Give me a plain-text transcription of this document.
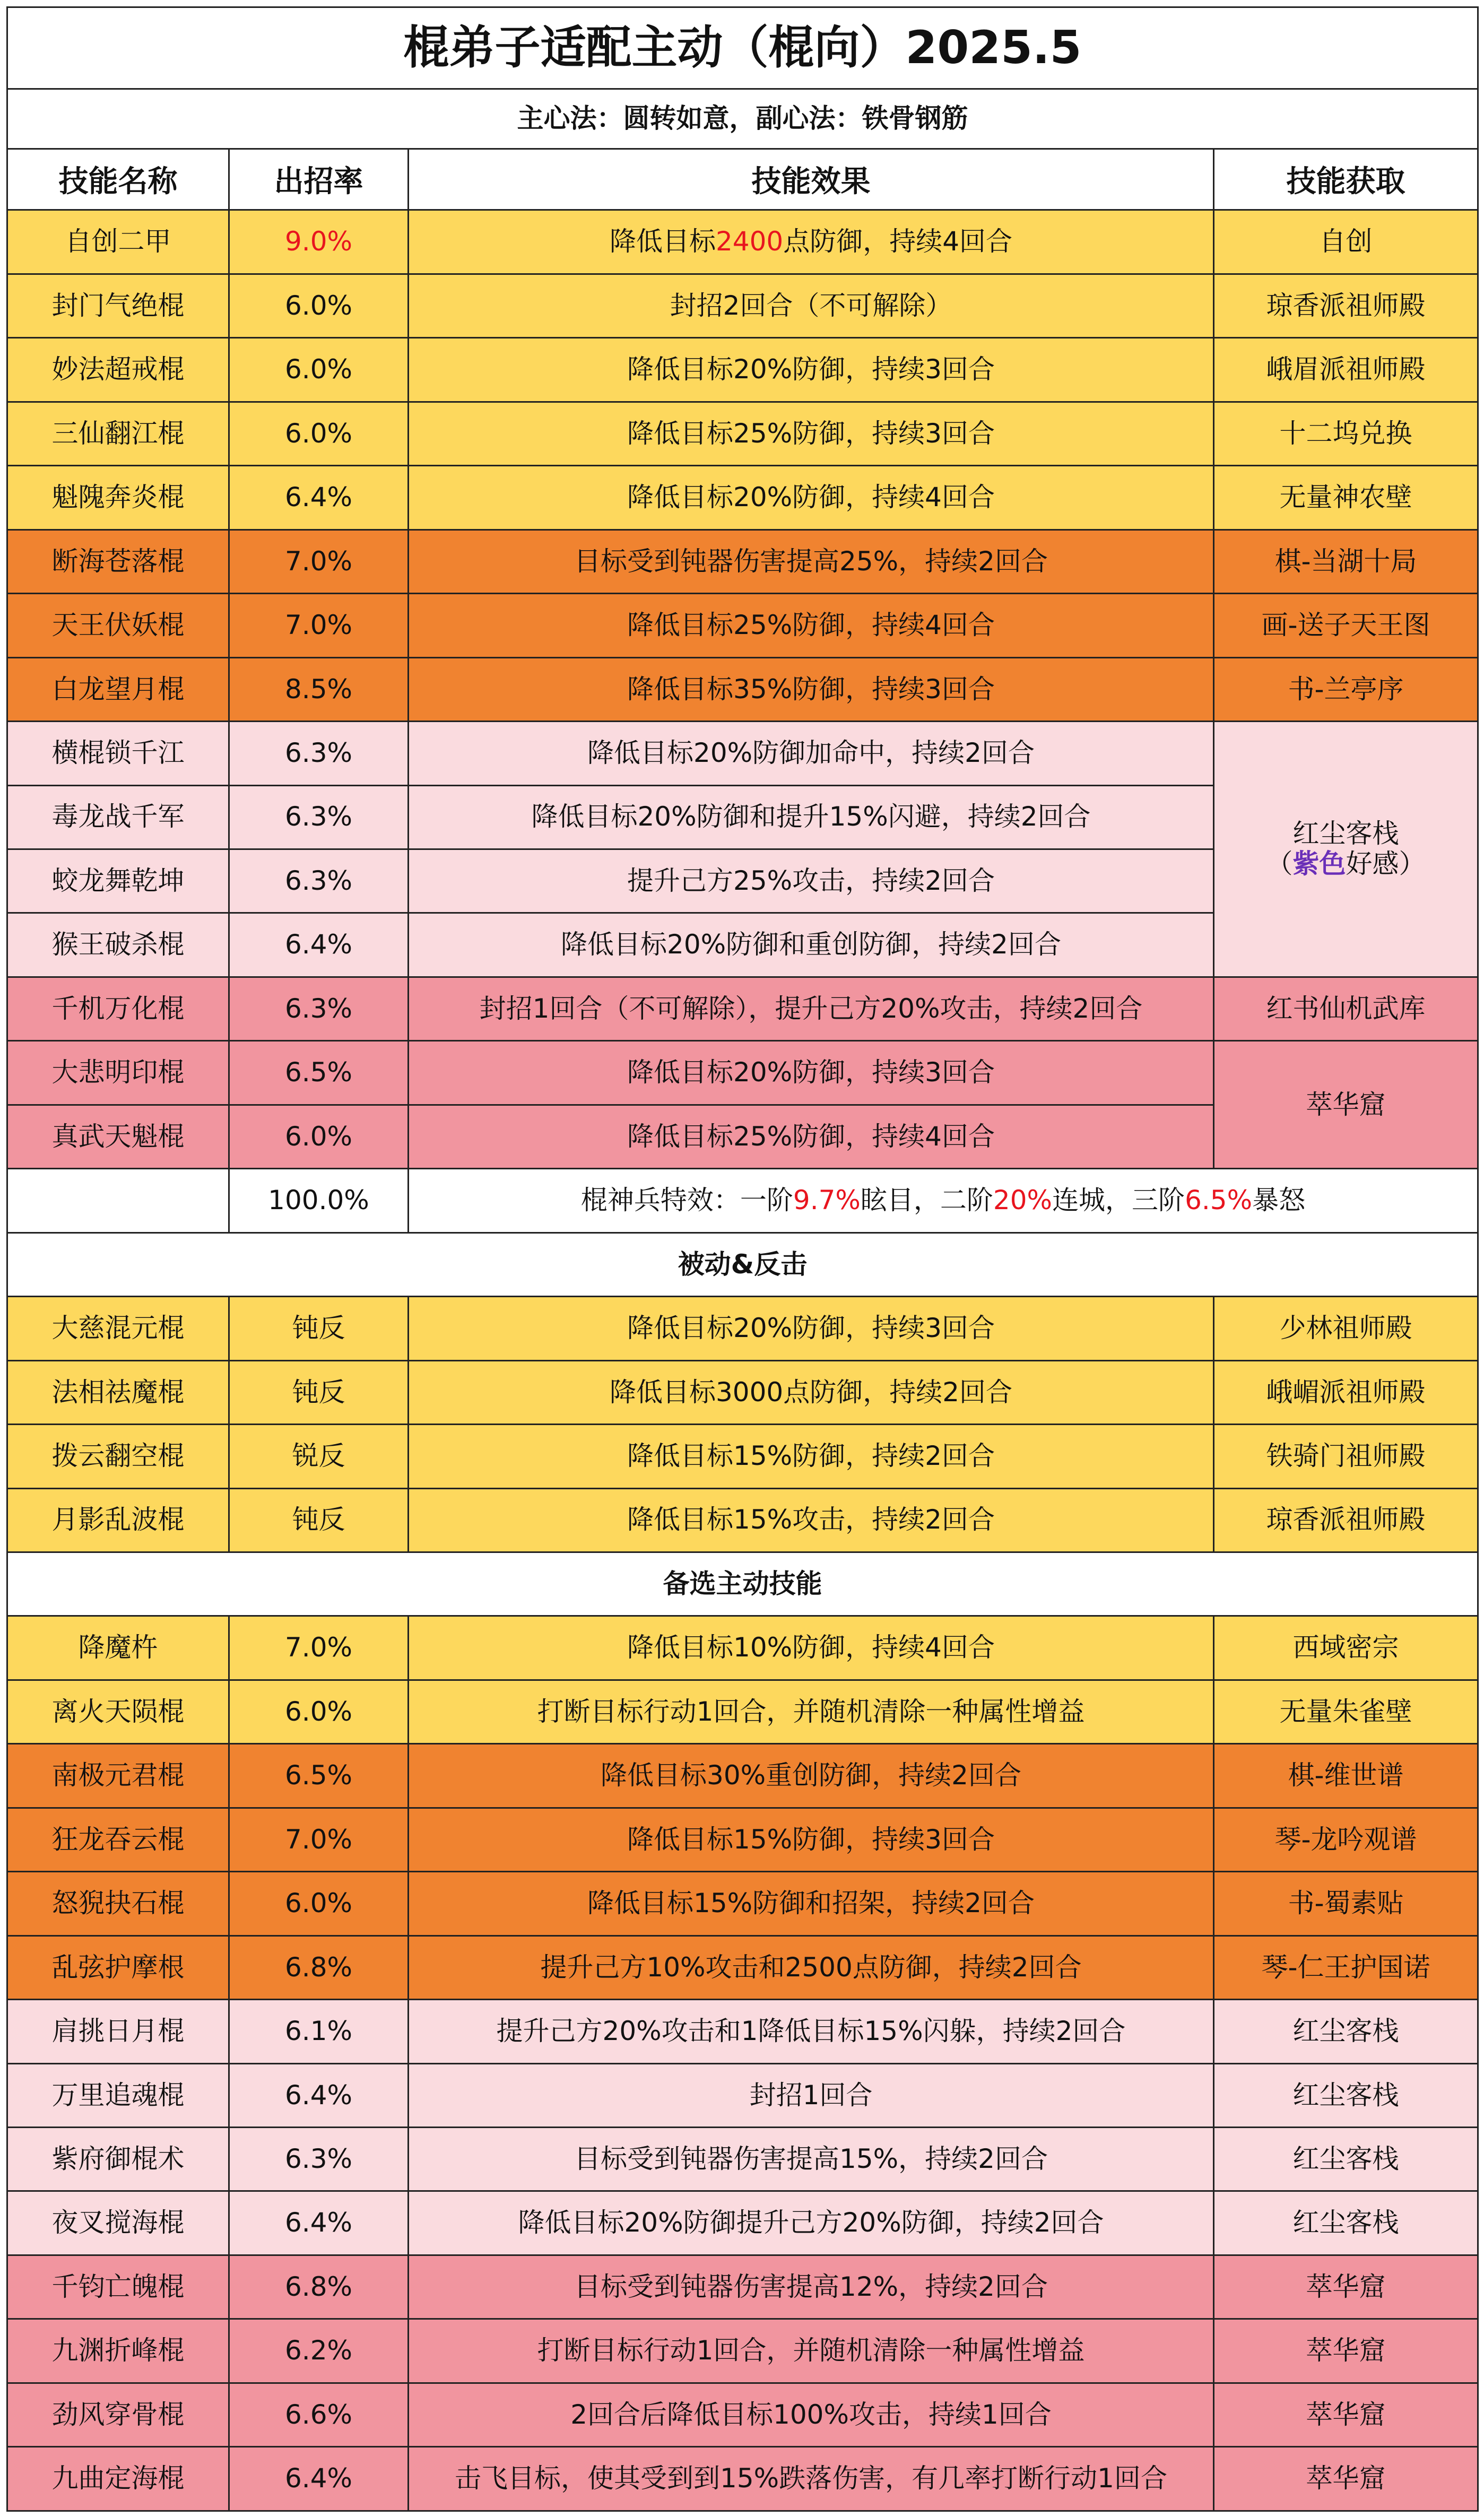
棍弟子适配主动（棍向）2025.5			
主心法：圆转如意，副心法：铁骨钢筋			
技能名称	出招率	技能效果	技能获取
自创二甲	9.0%	降低目标2400点防御，持续4回合	自创
封门气绝棍	6.0%	封招2回合（不可解除）	琼香派祖师殿
妙法超戒棍	6.0%	降低目标20%防御，持续3回合	峨眉派祖师殿
三仙翻江棍	6.0%	降低目标25%防御，持续3回合	十二坞兑换
魁隗奔炎棍	6.4%	降低目标20%防御，持续4回合	无量神农壁
断海苍落棍	7.0%	目标受到钝器伤害提高25%，持续2回合	棋-当湖十局
天王伏妖棍	7.0%	降低目标25%防御，持续4回合	画-送子天王图
白龙望月棍	8.5%	降低目标35%防御，持续3回合	书-兰亭序
横棍锁千江	6.3%	降低目标20%防御加命中，持续2回合	红尘客栈
（紫色好感）

毒龙战千军	6.3%	降低目标20%防御和提升15%闪避，持续2回合	
蛟龙舞乾坤	6.3%	提升己方25%攻击，持续2回合	
猴王破杀棍	6.4%	降低目标20%防御和重创防御，持续2回合	
千机万化棍	6.3%	封招1回合（不可解除），提升己方20%攻击，持续2回合	红书仙机武库
大悲明印棍	6.5%	降低目标20%防御，持续3回合	萃华窟
真武天魁棍	6.0%	降低目标25%防御，持续4回合	
	100.0%	棍神兵特效：一阶9.7%眩目，二阶20%连城，三阶6.5%暴怒	
被动&反击			
大慈混元棍	钝反	降低目标20%防御，持续3回合	少林祖师殿
法相祛魔棍	钝反	降低目标3000点防御，持续2回合	峨嵋派祖师殿
拨云翻空棍	锐反	降低目标15%防御，持续2回合	铁骑门祖师殿
月影乱波棍	钝反	降低目标15%攻击，持续2回合	琼香派祖师殿
备选主动技能			
降魔杵	7.0%	降低目标10%防御，持续4回合	西域密宗
离火天陨棍	6.0%	打断目标行动1回合，并随机清除一种属性增益	无量朱雀壁
南极元君棍	6.5%	降低目标30%重创防御，持续2回合	棋-维世谱
狂龙吞云棍	7.0%	降低目标15%防御，持续3回合	琴-龙吟观谱
怒猊抉石棍	6.0%	降低目标15%防御和招架，持续2回合	书-蜀素贴
乱弦护摩根	6.8%	提升己方10%攻击和2500点防御，持续2回合	琴-仁王护国诺
肩挑日月棍	6.1%	提升己方20%攻击和1降低目标15%闪躲，持续2回合	红尘客栈
万里追魂棍	6.4%	封招1回合	红尘客栈
紫府御棍术	6.3%	目标受到钝器伤害提高15%，持续2回合	红尘客栈
夜叉搅海棍	6.4%	降低目标20%防御提升己方20%防御，持续2回合	红尘客栈
千钧亡魄棍	6.8%	目标受到钝器伤害提高12%，持续2回合	萃华窟
九渊折峰棍	6.2%	打断目标行动1回合，并随机清除一种属性增益	萃华窟
劲风穿骨棍	6.6%	2回合后降低目标100%攻击，持续1回合	萃华窟
九曲定海棍	6.4%	击飞目标，使其受到到15%跌落伤害，有几率打断行动1回合	萃华窟
